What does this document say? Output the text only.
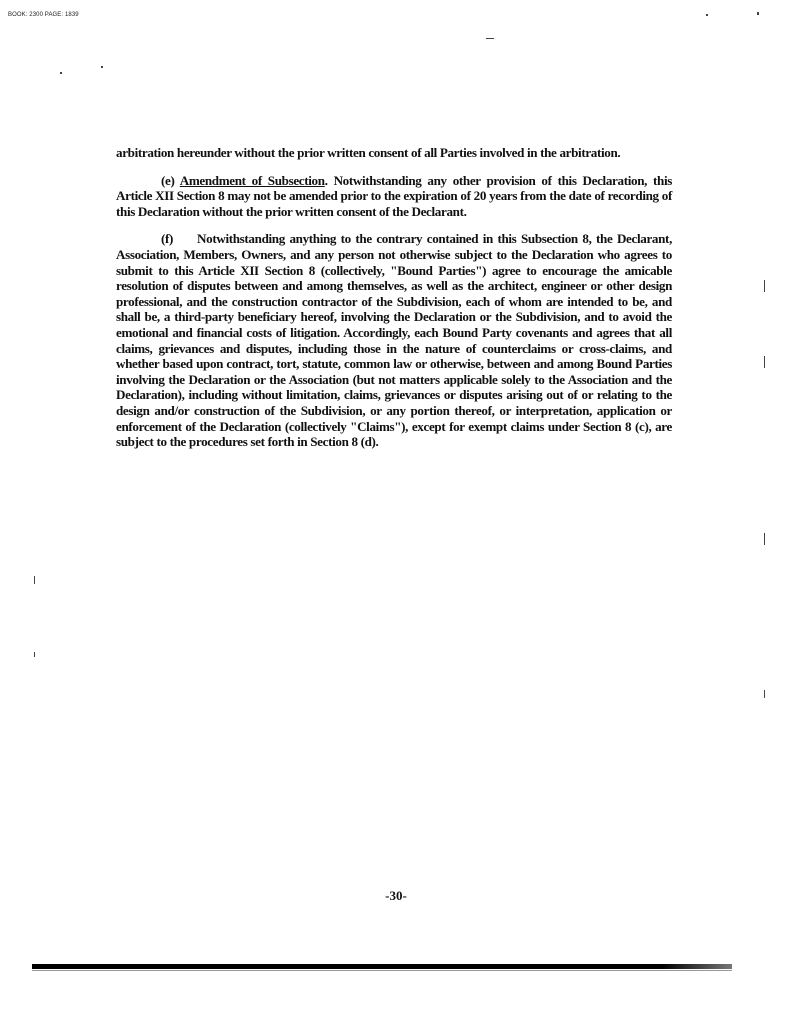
BOOK: 2300 PAGE: 1839

arbitration hereunder without the prior written consent of all Parties involved in the arbitration.

(e) Amendment of Subsection. Notwithstanding any other provision of this Declaration, this Article XII Section 8 may not be amended prior to the expiration of 20 years from the date of recording of this Declaration without the prior written consent of the Declarant.

(f) Notwithstanding anything to the contrary contained in this Subsection 8, the Declarant, Association, Members, Owners, and any person not otherwise subject to the Declaration who agrees to submit to this Article XII Section 8 (collectively, "Bound Parties") agree to encourage the amicable resolution of disputes between and among themselves, as well as the architect, engineer or other design professional, and the construction contractor of the Subdivision, each of whom are intended to be, and shall be, a third-party beneficiary hereof, involving the Declaration or the Subdivision, and to avoid the emotional and financial costs of litigation. Accordingly, each Bound Party covenants and agrees that all claims, grievances and disputes, including those in the nature of counterclaims or cross-claims, and whether based upon contract, tort, statute, common law or otherwise, between and among Bound Parties involving the Declaration or the Association (but not matters applicable solely to the Association and the Declaration), including without limitation, claims, grievances or disputes arising out of or relating to the design and/or construction of the Subdivision, or any portion thereof, or interpretation, application or enforcement of the Declaration (collectively "Claims"), except for exempt claims under Section 8 (c), are subject to the procedures set forth in Section 8 (d).

-30-
